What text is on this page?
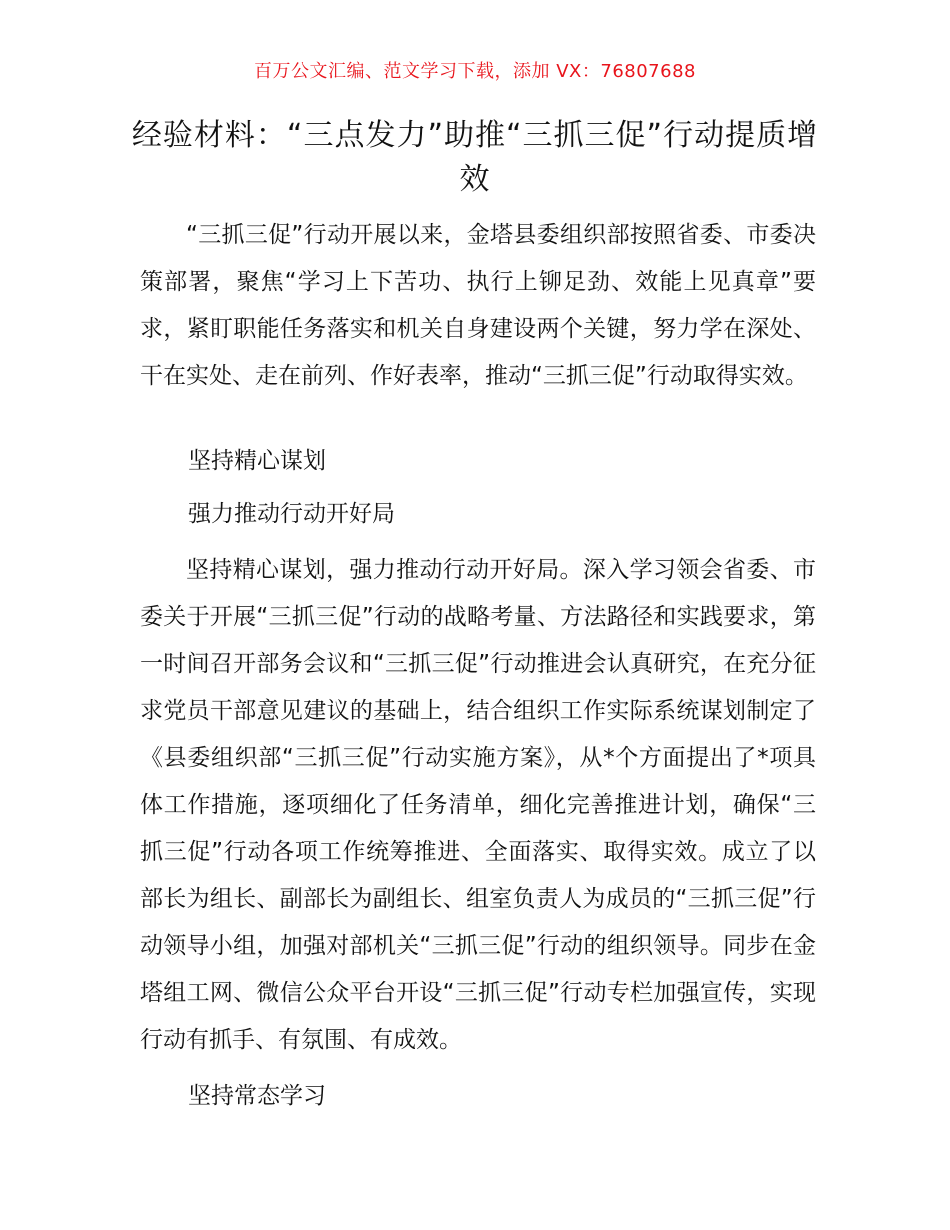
百万公文汇编、范文学习下载，添加 VX：76807688
经验材料：“三点发力”助推“三抓三促”行动提质增效

“三抓三促”行动开展以来，金塔县委组织部按照省委、市委决策部署，聚焦“学习上下苦功、执行上铆足劲、效能上见真章”要求，紧盯职能任务落实和机关自身建设两个关键，努力学在深处、干在实处、走在前列、作好表率，推动“三抓三促”行动取得实效。

坚持精心谋划

强力推动行动开好局

坚持精心谋划，强力推动行动开好局。深入学习领会省委、市委关于开展“三抓三促”行动的战略考量、方法路径和实践要求，第一时间召开部务会议和“三抓三促”行动推进会认真研究，在充分征求党员干部意见建议的基础上，结合组织工作实际系统谋划制定了《县委组织部“三抓三促”行动实施方案》，从*个方面提出了*项具体工作措施，逐项细化了任务清单，细化完善推进计划，确保“三抓三促”行动各项工作统筹推进、全面落实、取得实效。成立了以部长为组长、副部长为副组长、组室负责人为成员的“三抓三促”行动领导小组，加强对部机关“三抓三促”行动的组织领导。同步在金塔组工网、微信公众平台开设“三抓三促”行动专栏加强宣传，实现行动有抓手、有氛围、有成效。

坚持常态学习
